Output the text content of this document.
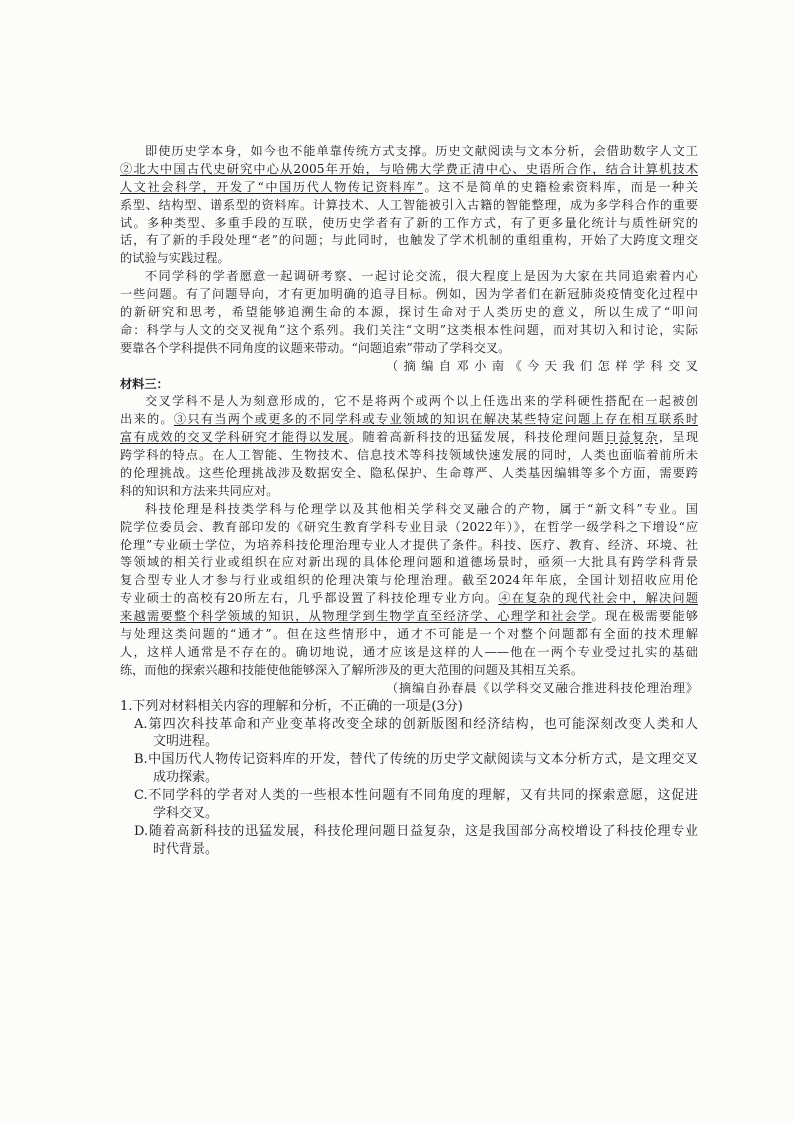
即使历史学本身，如今也不能单靠传统方式支撑。历史文献阅读与文本分析，会借助数字人文工
②北大中国古代史研究中心从2005年开始，与哈佛大学费正清中心、史语所合作，结合计算机技术
人文社会科学，开发了“中国历代人物传记资料库”。这不是简单的史籍检索资料库，而是一种关
系型、结构型、谱系型的资料库。计算技术、人工智能被引入古籍的智能整理，成为多学科合作的重要
试。多种类型、多重手段的互联，使历史学者有了新的工作方式，有了更多量化统计与质性研究的
话，有了新的手段处理“老”的问题；与此同时，也触发了学术机制的重组重构，开始了大跨度文理交
的试验与实践过程。
不同学科的学者愿意一起调研考察、一起讨论交流，很大程度上是因为大家在共同追索着内心
一些问题。有了问题导向，才有更加明确的追寻目标。例如，因为学者们在新冠肺炎疫情变化过程中
的新研究和思考，希望能够追溯生命的本源，探讨生命对于人类历史的意义，所以生成了“叩问
命：科学与人文的交叉视角”这个系列。我们关注“文明”这类根本性问题，而对其切入和讨论，实际
要靠各个学科提供不同角度的议题来带动。“问题追索”带动了学科交叉。
（摘编自邓小南《今天我们怎样学科交叉
材料三：
交叉学科不是人为刻意形成的，它不是将两个或两个以上任选出来的学科硬性搭配在一起被创
出来的。③只有当两个或更多的不同学科或专业领域的知识在解决某些特定问题上存在相互联系时
富有成效的交叉学科研究才能得以发展。随着高新科技的迅猛发展，科技伦理问题日益复杂，呈现
跨学科的特点。在人工智能、生物技术、信息技术等科技领域快速发展的同时，人类也面临着前所未
的伦理挑战。这些伦理挑战涉及数据安全、隐私保护、生命尊严、人类基因编辑等多个方面，需要跨
科的知识和方法来共同应对。
科技伦理是科技类学科与伦理学以及其他相关学科交叉融合的产物，属于“新文科”专业。国
院学位委员会、教育部印发的《研究生教育学科专业目录（2022年）》，在哲学一级学科之下增设“应
伦理”专业硕士学位，为培养科技伦理治理专业人才提供了条件。科技、医疗、教育、经济、环境、社
等领域的相关行业或组织在应对新出现的具体伦理问题和道德场景时，亟须一大批具有跨学科背景
复合型专业人才参与行业或组织的伦理决策与伦理治理。截至2024年年底，全国计划招收应用伦
专业硕士的高校有20所左右，几乎都设置了科技伦理专业方向。④在复杂的现代社会中，解决问题
来越需要整个科学领域的知识，从物理学到生物学直至经济学、心理学和社会学。现在极需要能够
与处理这类问题的“通才”。但在这些情形中，通才不可能是一个对整个问题都有全面的技术理解
人，这样人通常是不存在的。确切地说，通才应该是这样的人——他在一两个专业受过扎实的基础
练，而他的探索兴趣和技能使他能够深入了解所涉及的更大范围的问题及其相互关系。
（摘编自孙春晨《以学科交叉融合推进科技伦理治理》
1.下列对材料相关内容的理解和分析，不正确的一项是(3分)
A.第四次科技革命和产业变革将改变全球的创新版图和经济结构，也可能深刻改变人类和人
文明进程。
B.中国历代人物传记资料库的开发，替代了传统的历史学文献阅读与文本分析方式，是文理交叉
成功探索。
C.不同学科的学者对人类的一些根本性问题有不同角度的理解，又有共同的探索意愿，这促进
学科交叉。
D.随着高新科技的迅猛发展，科技伦理问题日益复杂，这是我国部分高校增设了科技伦理专业
时代背景。
